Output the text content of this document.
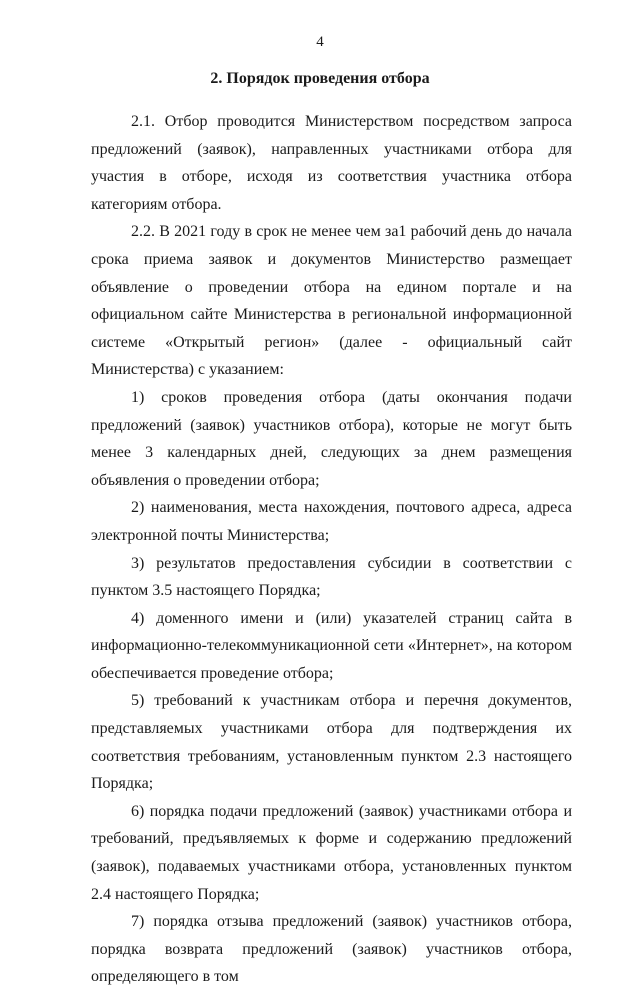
4
2. Порядок проведения отбора

2.1. Отбор проводится Министерством посредством запроса предложений (заявок), направленных участниками отбора для участия в отборе, исходя из соответствия участника отбора категориям отбора.

2.2. В 2021 году в срок не менее чем за1 рабочий день до начала срока приема заявок и документов Министерство размещает объявление о проведении отбора на едином портале и на официальном сайте Министерства в региональной информационной системе «Открытый регион» (далее - официальный сайт Министерства) с указанием:

1) сроков проведения отбора (даты окончания подачи предложений (заявок) участников отбора), которые не могут быть менее 3 календарных дней, следующих за днем размещения объявления о проведении отбора;

2) наименования, места нахождения, почтового адреса, адреса электронной почты Министерства;

3) результатов предоставления субсидии в соответствии с пунктом 3.5 настоящего Порядка;

4) доменного имени и (или) указателей страниц сайта в информационно-телекоммуникационной сети «Интернет», на котором обеспечивается проведение отбора;

5) требований к участникам отбора и перечня документов, представляемых участниками отбора для подтверждения их соответствия требованиям, установленным пунктом 2.3 настоящего Порядка;

6) порядка подачи предложений (заявок) участниками отбора и требований, предъявляемых к форме и содержанию предложений (заявок), подаваемых участниками отбора, установленных пунктом 2.4 настоящего Порядка;

7) порядка отзыва предложений (заявок) участников отбора, порядка возврата предложений (заявок) участников отбора, определяющего в том
